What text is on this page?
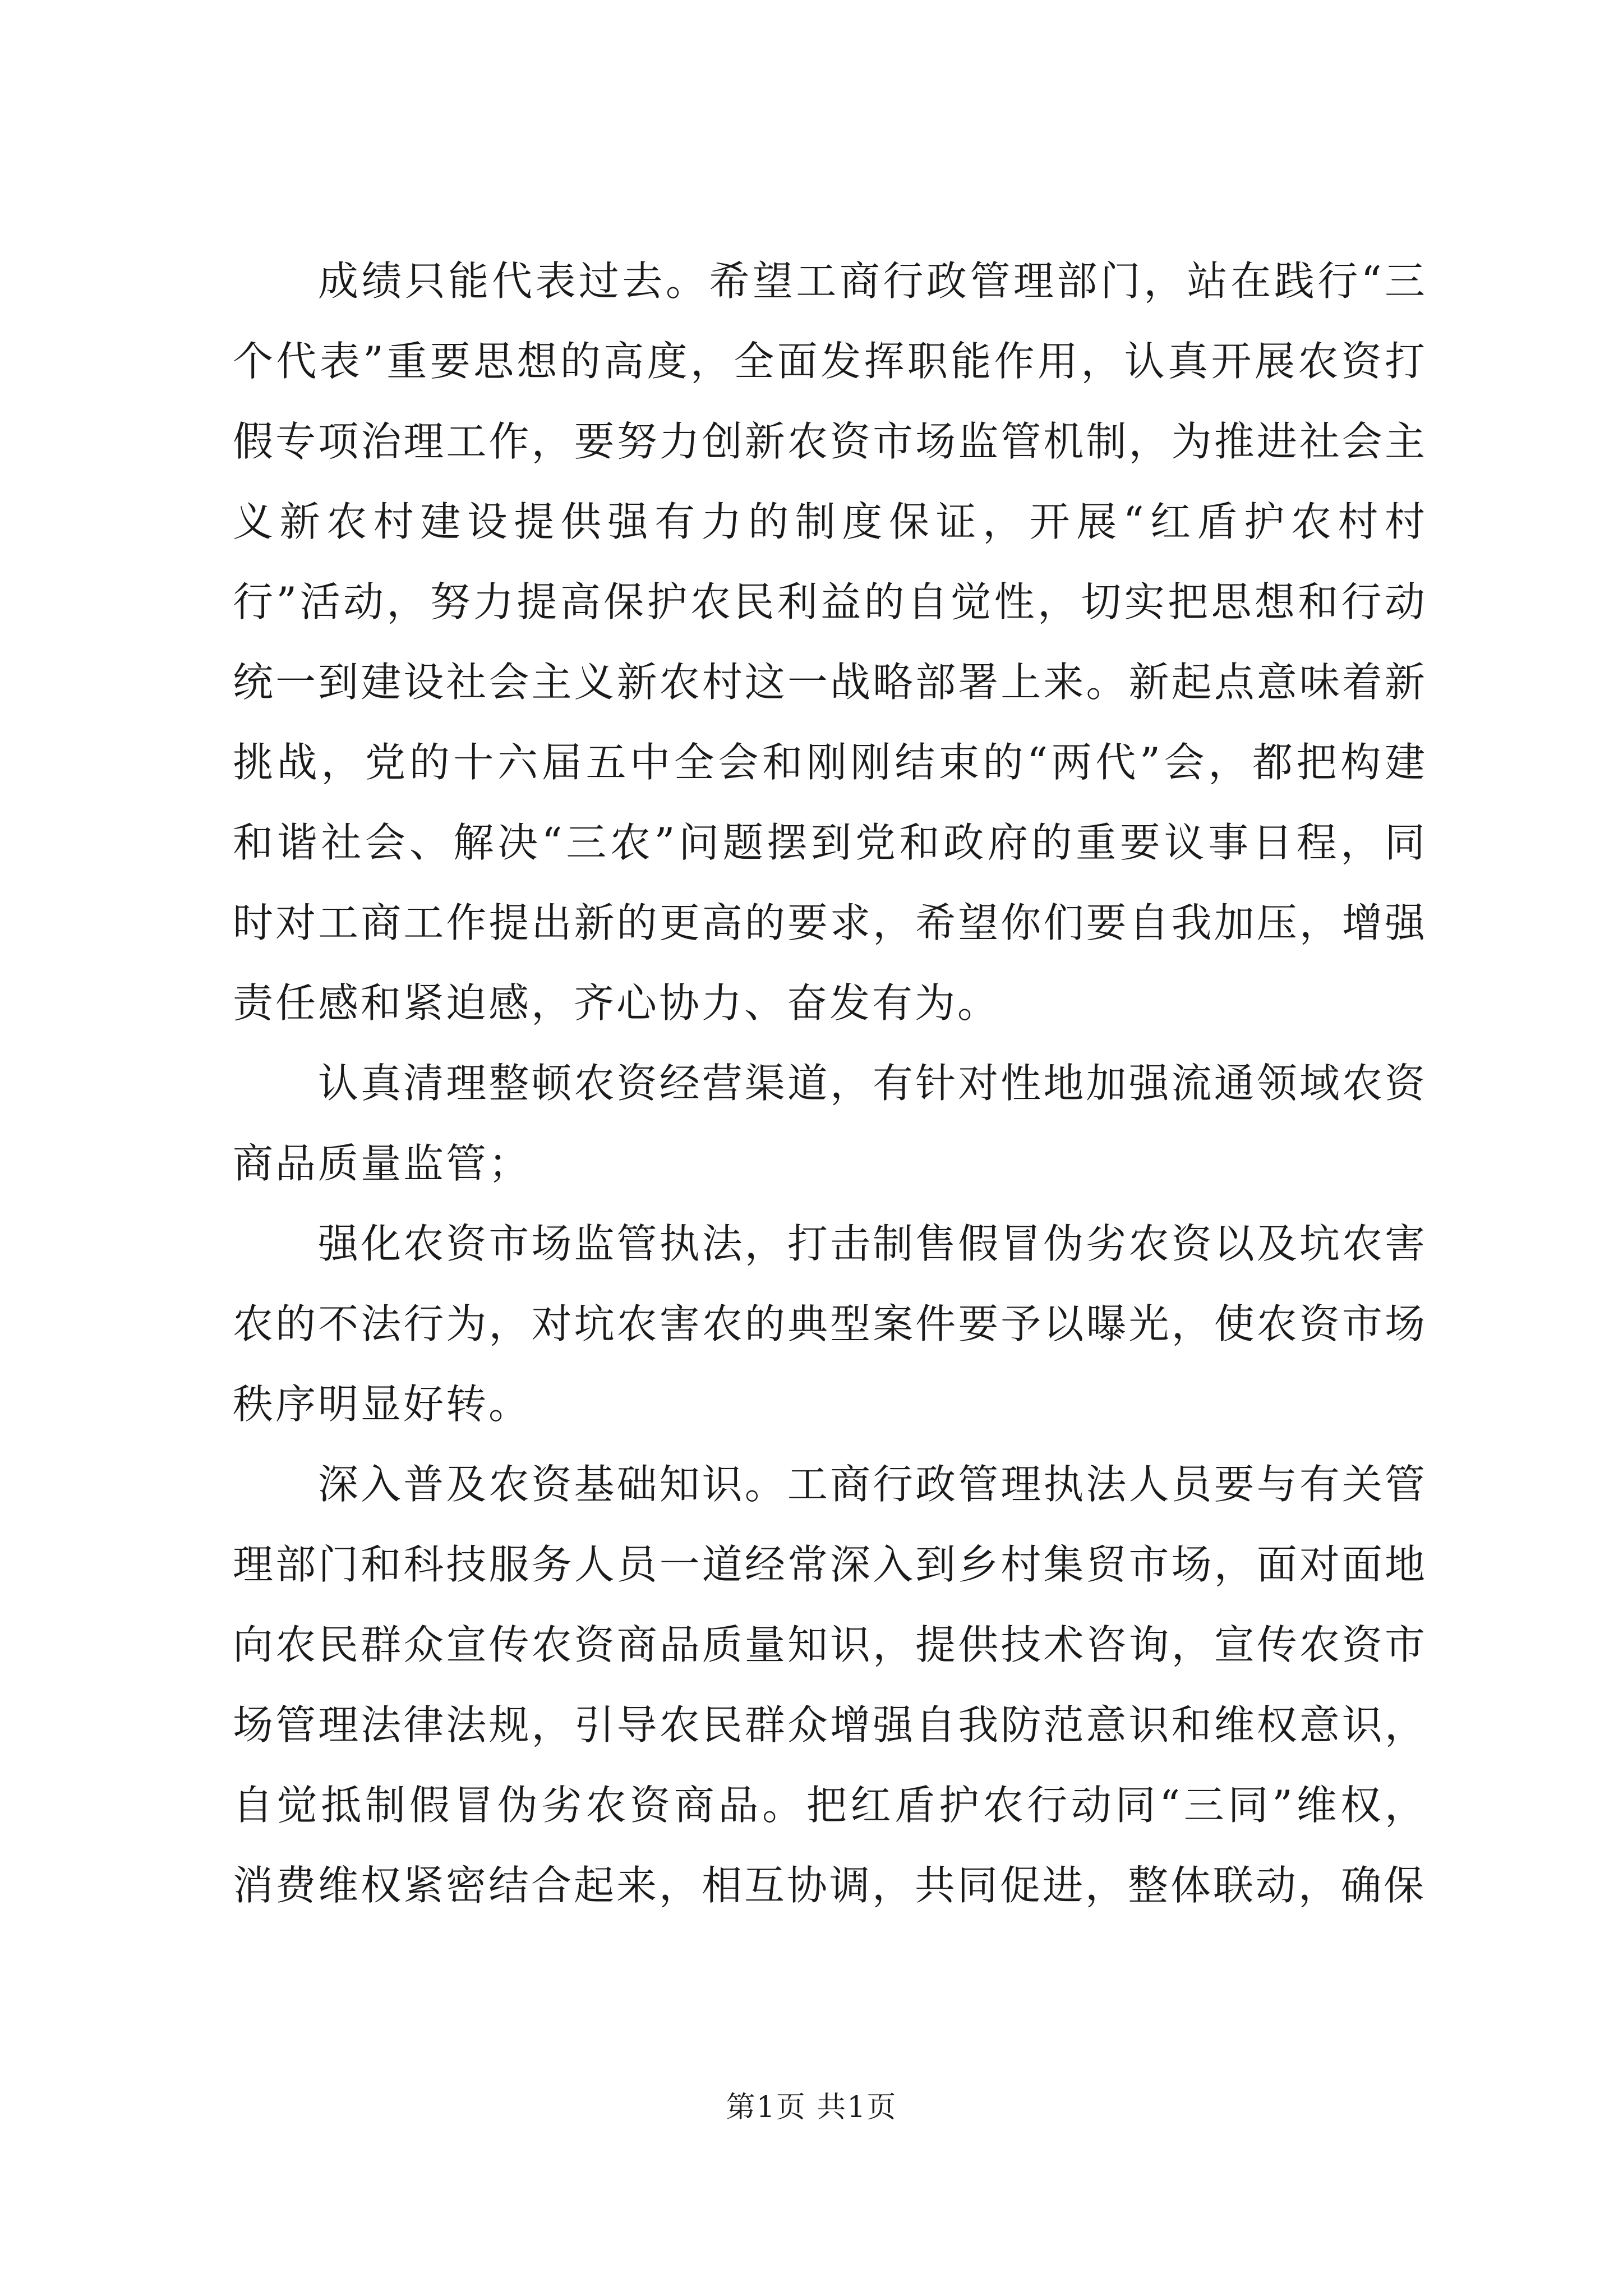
成绩只能代表过去。希望工商行政管理部门，站在践行“三个代表”重要思想的高度，全面发挥职能作用，认真开展农资打假专项治理工作，要努力创新农资市场监管机制，为推进社会主义新农村建设提供强有力的制度保证，开展“红盾护农村村行”活动，努力提高保护农民利益的自觉性，切实把思想和行动统一到建设社会主义新农村这一战略部署上来。新起点意味着新挑战，党的十六届五中全会和刚刚结束的“两代”会，都把构建和谐社会、解决“三农”问题摆到党和政府的重要议事日程，同时对工商工作提出新的更高的要求，希望你们要自我加压，增强责任感和紧迫感，齐心协力、奋发有为。

认真清理整顿农资经营渠道，有针对性地加强流通领域农资商品质量监管；

强化农资市场监管执法，打击制售假冒伪劣农资以及坑农害农的不法行为，对坑农害农的典型案件要予以曝光，使农资市场秩序明显好转。

深入普及农资基础知识。工商行政管理执法人员要与有关管理部门和科技服务人员一道经常深入到乡村集贸市场，面对面地向农民群众宣传农资商品质量知识，提供技术咨询，宣传农资市场管理法律法规，引导农民群众增强自我防范意识和维权意识，自觉抵制假冒伪劣农资商品。把红盾护农行动同“三同”维权，消费维权紧密结合起来，相互协调，共同促进，整体联动，确保

第1页 共1页
